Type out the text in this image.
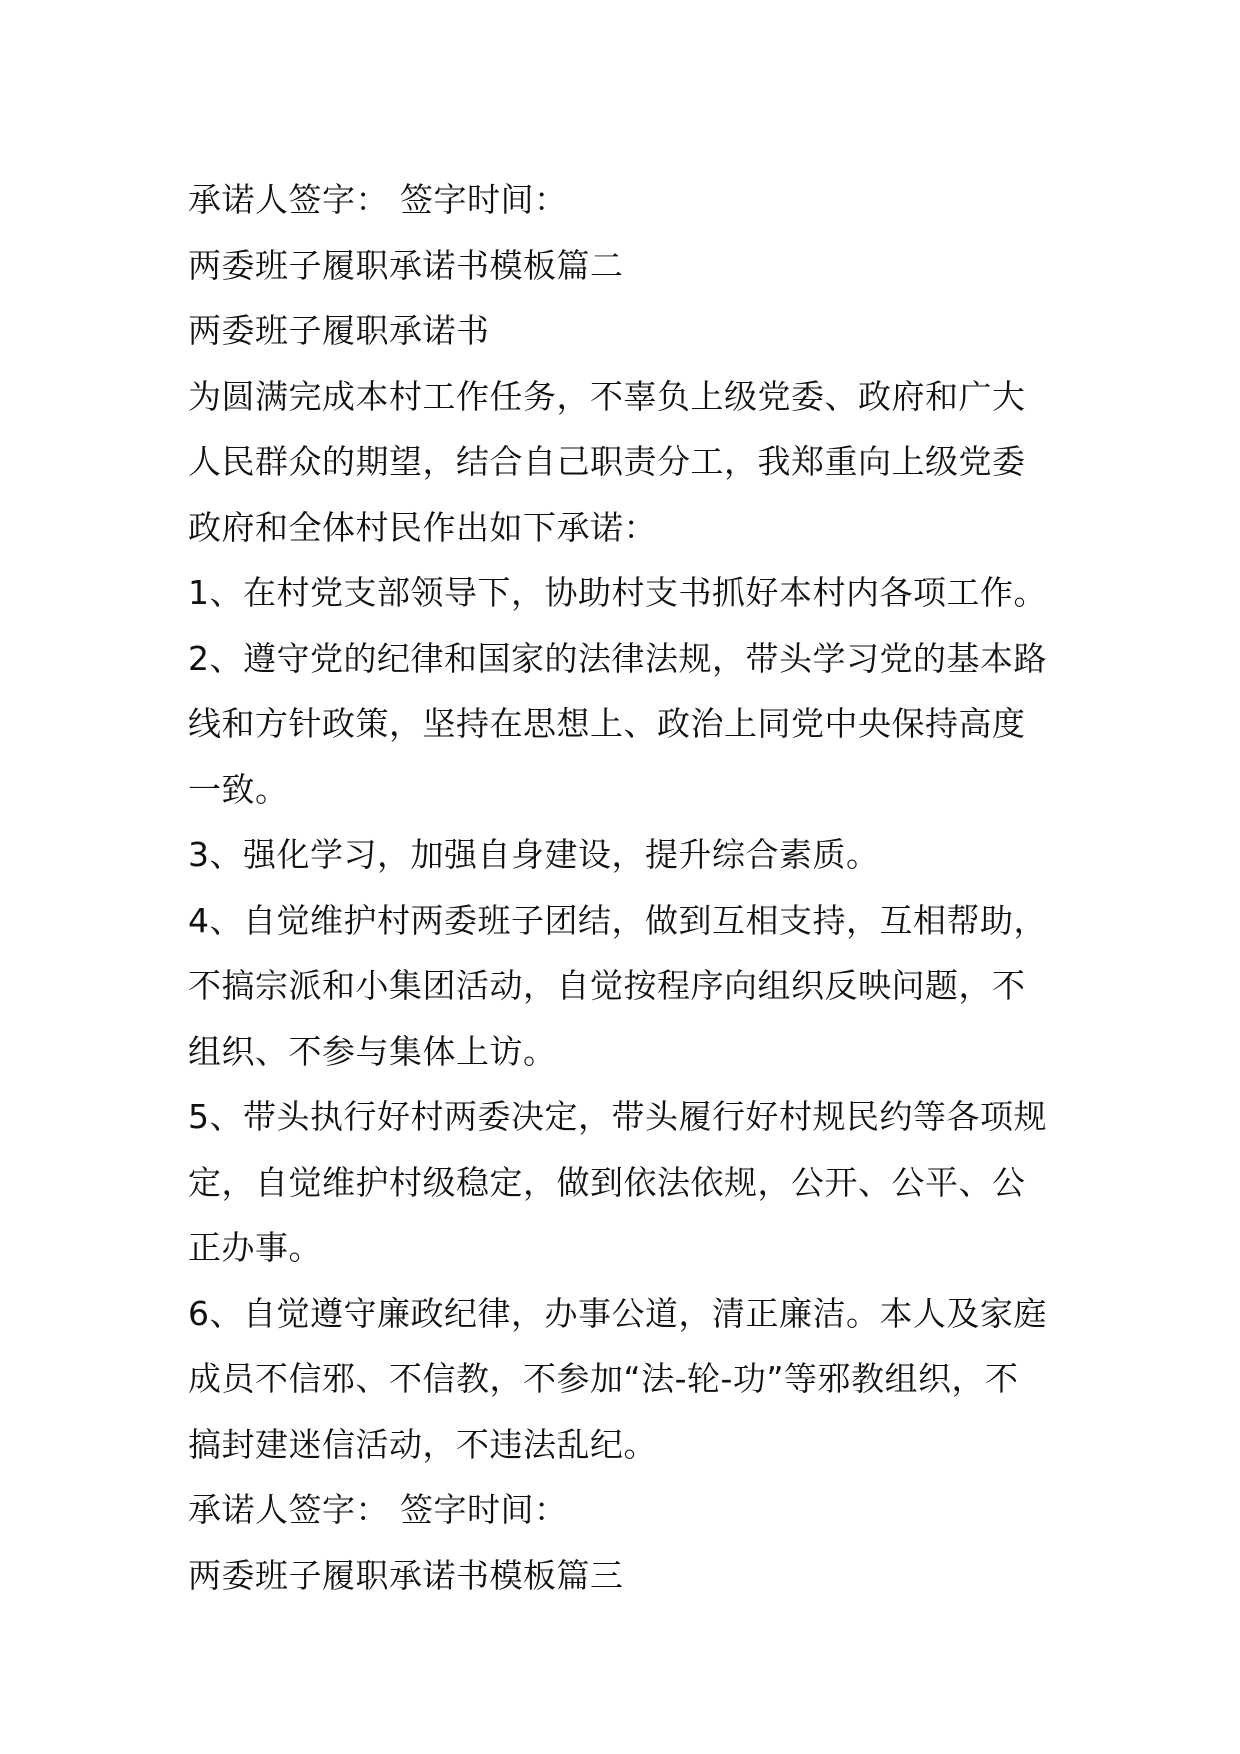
承诺人签字： 签字时间：

两委班子履职承诺书模板篇二

两委班子履职承诺书

为圆满完成本村工作任务，不辜负上级党委、政府和广大

人民群众的期望，结合自己职责分工，我郑重向上级党委

政府和全体村民作出如下承诺：

1、在村党支部领导下，协助村支书抓好本村内各项工作。

2、遵守党的纪律和国家的法律法规，带头学习党的基本路

线和方针政策，坚持在思想上、政治上同党中央保持高度

一致。

3、强化学习，加强自身建设，提升综合素质。

4、自觉维护村两委班子团结，做到互相支持，互相帮助，

不搞宗派和小集团活动，自觉按程序向组织反映问题，不

组织、不参与集体上访。

5、带头执行好村两委决定，带头履行好村规民约等各项规

定，自觉维护村级稳定，做到依法依规，公开、公平、公

正办事。

6、自觉遵守廉政纪律，办事公道，清正廉洁。本人及家庭

成员不信邪、不信教，不参加“法-轮-功”等邪教组织，不

搞封建迷信活动，不违法乱纪。

承诺人签字： 签字时间：

两委班子履职承诺书模板篇三
